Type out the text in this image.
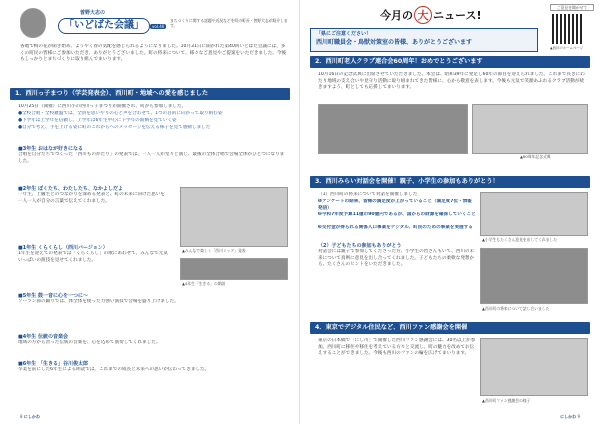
曽野大志の
「いどばた会議」	vol.40
まちづくりに関する話題や近況などを町の町長・曽野大志が紹介します。
各地で梅の花が開き始め、ようやく春の気配を感じられるようになりました。10月31日に開かれた第40回いどばた会議には、多くの町民の皆様にご参加いただき、ありがとうございました。町の将来について、様々なご意見やご提案をいただきました。今後もしっかりとまちづくりに取り組んでまいります。
1．西川っ子まつり（学芸発表会）、西川町・地域への愛を感じました
10月25日（開催）に西川小の西川っ子まつりが開催され、町から参加しました。
●全校合唱・全校鍵盤では、全員を思いやりの心と声を合わせて、1つの目的に向かって取り組む姿
●下学年は上学年を信頼し、上学年は6年生中心に下学年の面倒を見ていく姿
●自分で考え、手を上げる姿に町のこれからへのメッセージを伝える様子を見て感動しました
■3年生 おはなが好きになる
合唱を自分たちでつくった「西川ものがたり」の発表では、一人一人が堂々と演じ、最後の全体合唱で会場全体がひとつになりました。
■2年生 ぼくたち、わたしたち、なかよしだよ
一年生、上級生とのつながりを深める発表と、町の未来に向けた思いを一人一人が自分の言葉で伝えてくれました。
▲みんなで楽しく「西川ミッド」発表
■1年生 くらくらし（西川バージョン）
1年生を迎えての発表では「くらくらし」の歌にあわせて、みんなで元気いっぱいの演技を見せてくれました。
▲4年生「生きる」の朗読
■5年生 鼓一音に心を一つに〜
ソーラン節の踊りでは、体全体を使った力強い演技で会場を盛り上げました。
■4年生 伝統の音楽会
地域の方から習った伝統の音楽を、心を込めて演奏してくれました。
■6年生 「生きる」谷川俊太郎
卒業を前にした6年生による朗読では、これまでの成長と未来への思いが伝わってきました。
8 にしかわ
今月の 大 ニュース!
「県にご注意ください！
西川町職員会・鳥獣対策室の皆様、ありがとうございます
ご意見を聞かせて
▲西川のホームページ
2．西川町老人クラブ連合会60周年！おめでとうございます
10月16日の記念式典に出席させていただきました。本会は、昭和39年に発足し60年の節目を迎えられました。これまで長きにわたり地域の支え合いや見守り活動に取り組まれてきた皆様に、心から敬意を表します。今後も元気で笑顔あふれるクラブ活動が続きますよう、町としても応援してまいります。
▲60周年記念式典
3．西川みらい対話会を開催！親子、小学生の参加もありがとう！
（1）西川町の将来について対話を開催しました
❶アンケートの結果、皆様の満足度が上がっていること（満足度7位・情報発信）
❷今和7年度予算11億の90億円であるが、国からの財源を確保していくこと
❸交付金が得られる関係人口事業をデジタル、町民のための事業を実施する
（2）子どもたちの参加もありがとう
対話会には親子で参加してくださった方、小学生の皆さんもいて、西川の未来について真剣に意見を出し合ってくれました。子どもたちの柔軟な発想から、たくさんのヒントをいただきました。
▲小学生もたくさん意見を出してくれました
▲西川町の将来について話し合いました
4．東京でデジタル住民など、西川ファン感謝会を開催
東京の日本橋で「にし川」で開催した西川ファン感謝会には、30名以上が参加。西川町に移住や移住を考えている方々と交流し、町の魅力を改めてお伝えすることができました。今後も西川のファンの輪を広げてまいります。
▲西川町ファン感謝会の様子
にしかわ 9
